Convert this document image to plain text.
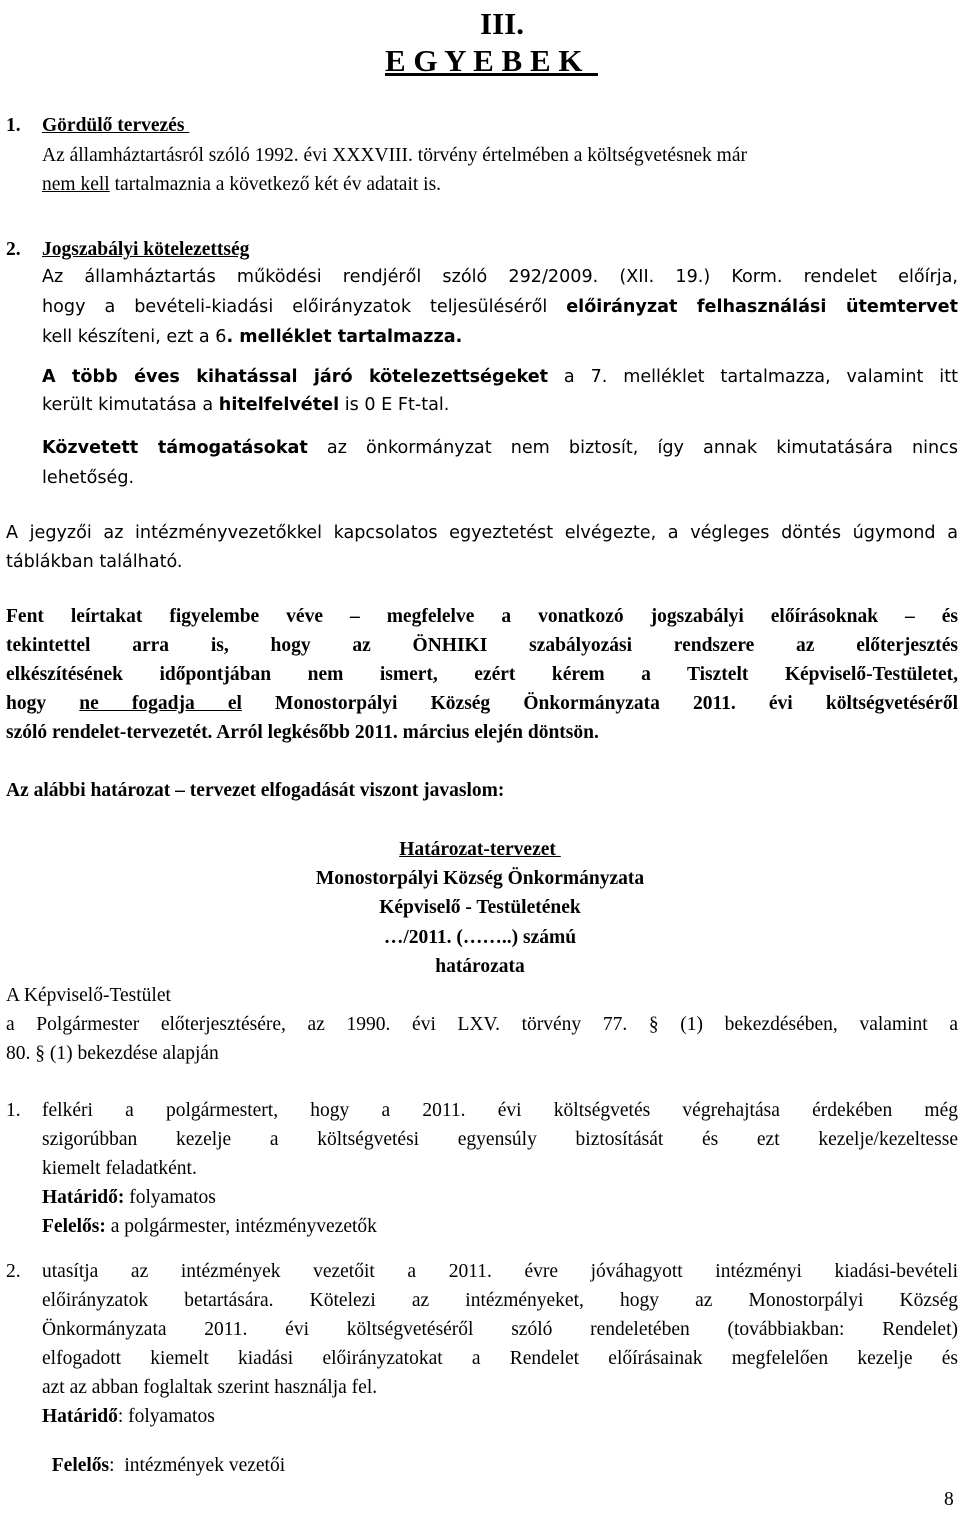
III.
E G Y E B E K
1. Gördülő tervezés
Az államháztartásról szóló 1992. évi XXXVIII. törvény értelmében a költségvetésnek már
nem kell tartalmaznia a következő két év adatait is.
2. Jogszabályi kötelezettség
Az államháztartás működési rendjéről szóló 292/2009. (XII. 19.) Korm. rendelet előírja,
hogy a bevételi-kiadási előirányzatok teljesüléséről előirányzat felhasználási ütemtervet
kell készíteni, ezt a 6. melléklet tartalmazza.
A több éves kihatással járó kötelezettségeket a 7. melléklet tartalmazza, valamint itt
került kimutatása a hitelfelvétel is 0 E Ft-tal.
Közvetett támogatásokat az önkormányzat nem biztosít, így annak kimutatására nincs
lehetőség.
A jegyzői az intézményvezetőkkel kapcsolatos egyeztetést elvégezte, a végleges döntés úgymond a
táblákban található.
Fent leírtakat figyelembe véve – megfelelve a vonatkozó jogszabályi előírásoknak – és
tekintettel arra is, hogy az ÖNHIKI szabályozási rendszere az előterjesztés
elkészítésének időpontjában nem ismert, ezért kérem a Tisztelt Képviselő-Testületet,
hogy ne fogadja el Monostorpályi Község Önkormányzata 2011. évi költségvetéséről
szóló rendelet-tervezetét. Arról legkésőbb 2011. március elején döntsön.
Az alábbi határozat – tervezet elfogadását viszont javaslom:
Határozat-tervezet
Monostorpályi Község Önkormányzata
Képviselő - Testületének
…/2011. (……..) számú
határozata
A Képviselő-Testület
a Polgármester előterjesztésére, az 1990. évi LXV. törvény 77. § (1) bekezdésében, valamint a
80. § (1) bekezdése alapján
1. felkéri a polgármestert, hogy a 2011. évi költségvetés végrehajtása érdekében még
szigorúbban kezelje a költségvetési egyensúly biztosítását és ezt kezelje/kezeltesse
kiemelt feladatként.
Határidő: folyamatos
Felelős: a polgármester, intézményvezetők
2. utasítja az intézmények vezetőit a 2011. évre jóváhagyott intézményi kiadási-bevételi
előirányzatok betartására. Kötelezi az intézményeket, hogy az Monostorpályi Község
Önkormányzata 2011. évi költségvetéséről szóló rendeletében (továbbiakban: Rendelet)
elfogadott kiemelt kiadási előirányzatokat a Rendelet előírásainak megfelelően kezelje és
azt az abban foglaltak szerint használja fel.
Határidő: folyamatos

Felelős:  intézmények vezetői

8
